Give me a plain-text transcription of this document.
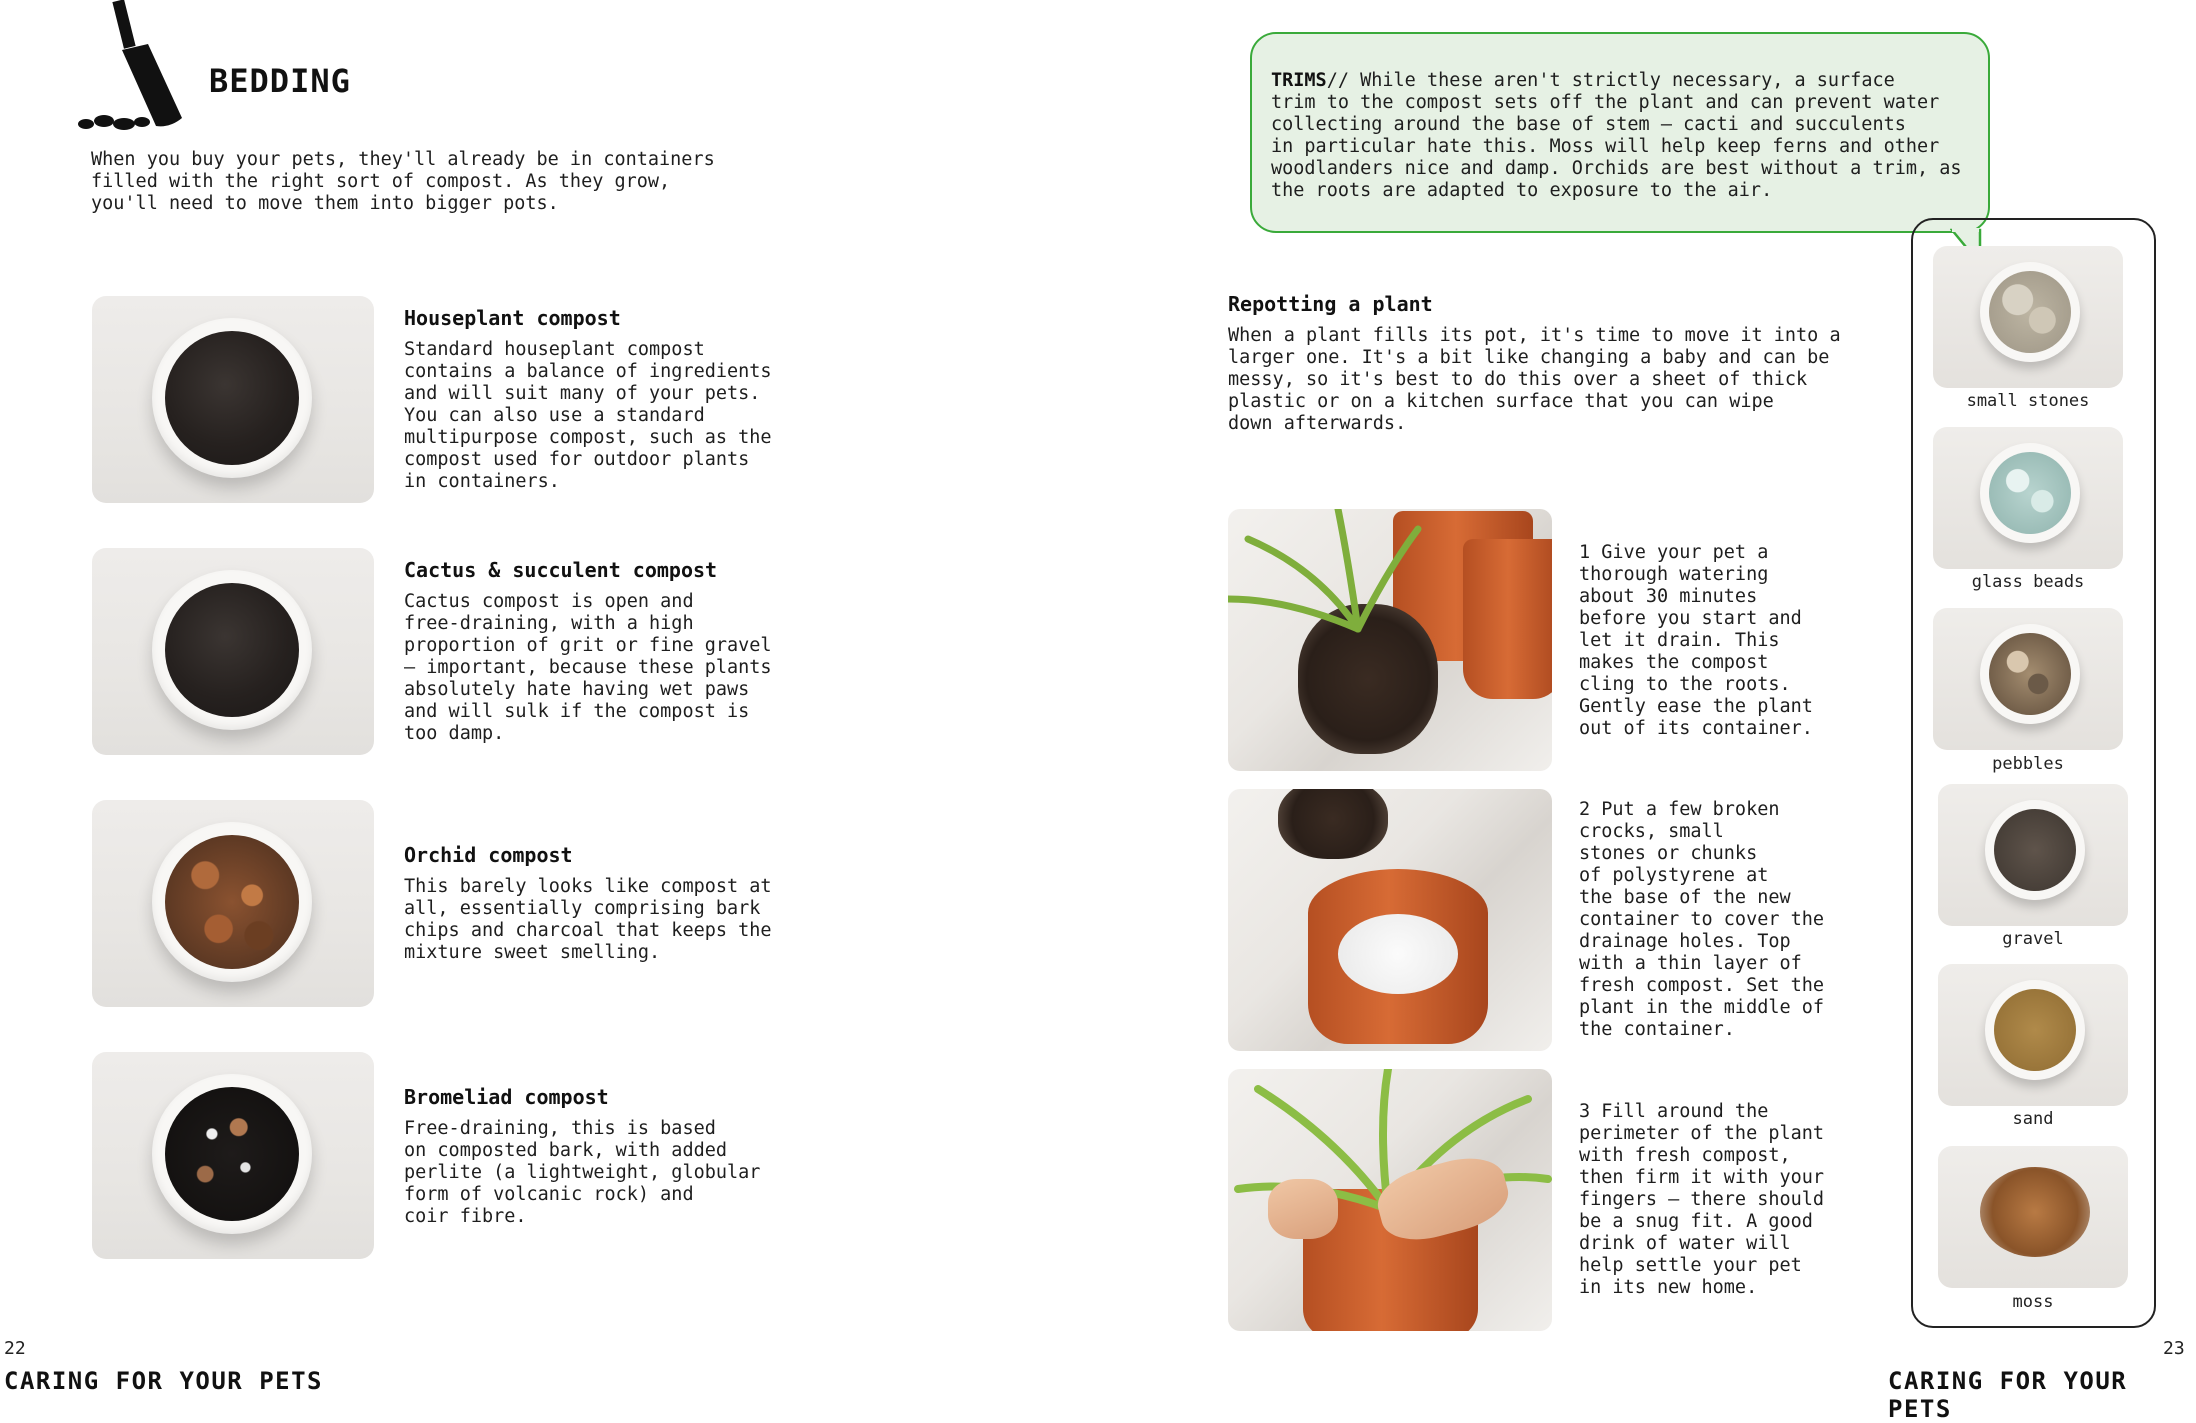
BEDDING
When you buy your pets, they'll already be in containers
filled with the right sort of compost. As they grow,
you'll need to move them into bigger pots.
Houseplant compost
Standard houseplant compost
contains a balance of ingredients
and will suit many of your pets.
You can also use a standard
multipurpose compost, such as the
compost used for outdoor plants
in containers.
Cactus & succulent compost
Cactus compost is open and
free-draining, with a high
proportion of grit or fine gravel
– important, because these plants
absolutely hate having wet paws
and will sulk if the compost is
too damp.
Orchid compost
This barely looks like compost at
all, essentially comprising bark
chips and charcoal that keeps the
mixture sweet smelling.
Bromeliad compost
Free-draining, this is based
on composted bark, with added
perlite (a lightweight, globular
form of volcanic rock) and
coir fibre.
22
CARING FOR YOUR PETS
TRIMS// While these aren't strictly necessary, a surface
trim to the compost sets off the plant and can prevent water
collecting around the base of stem – cacti and succulents
in particular hate this. Moss will help keep ferns and other
woodlanders nice and damp. Orchids are best without a trim, as
the roots are adapted to exposure to the air.
Repotting a plant
When a plant fills its pot, it's time to move it into a
larger one. It's a bit like changing a baby and can be
messy, so it's best to do this over a sheet of thick
plastic or on a kitchen surface that you can wipe
down afterwards.
1 Give your pet a
thorough watering
about 30 minutes
before you start and
let it drain. This
makes the compost
cling to the roots.
Gently ease the plant
out of its container.
2 Put a few broken
crocks, small
stones or chunks
of polystyrene at
the base of the new
container to cover the
drainage holes. Top
with a thin layer of
fresh compost. Set the
plant in the middle of
the container.
3 Fill around the
perimeter of the plant
with fresh compost,
then firm it with your
fingers – there should
be a snug fit. A good
drink of water will
help settle your pet
in its new home.
small stones
glass beads
pebbles
gravel
sand
moss
23
CARING FOR YOUR PETS
